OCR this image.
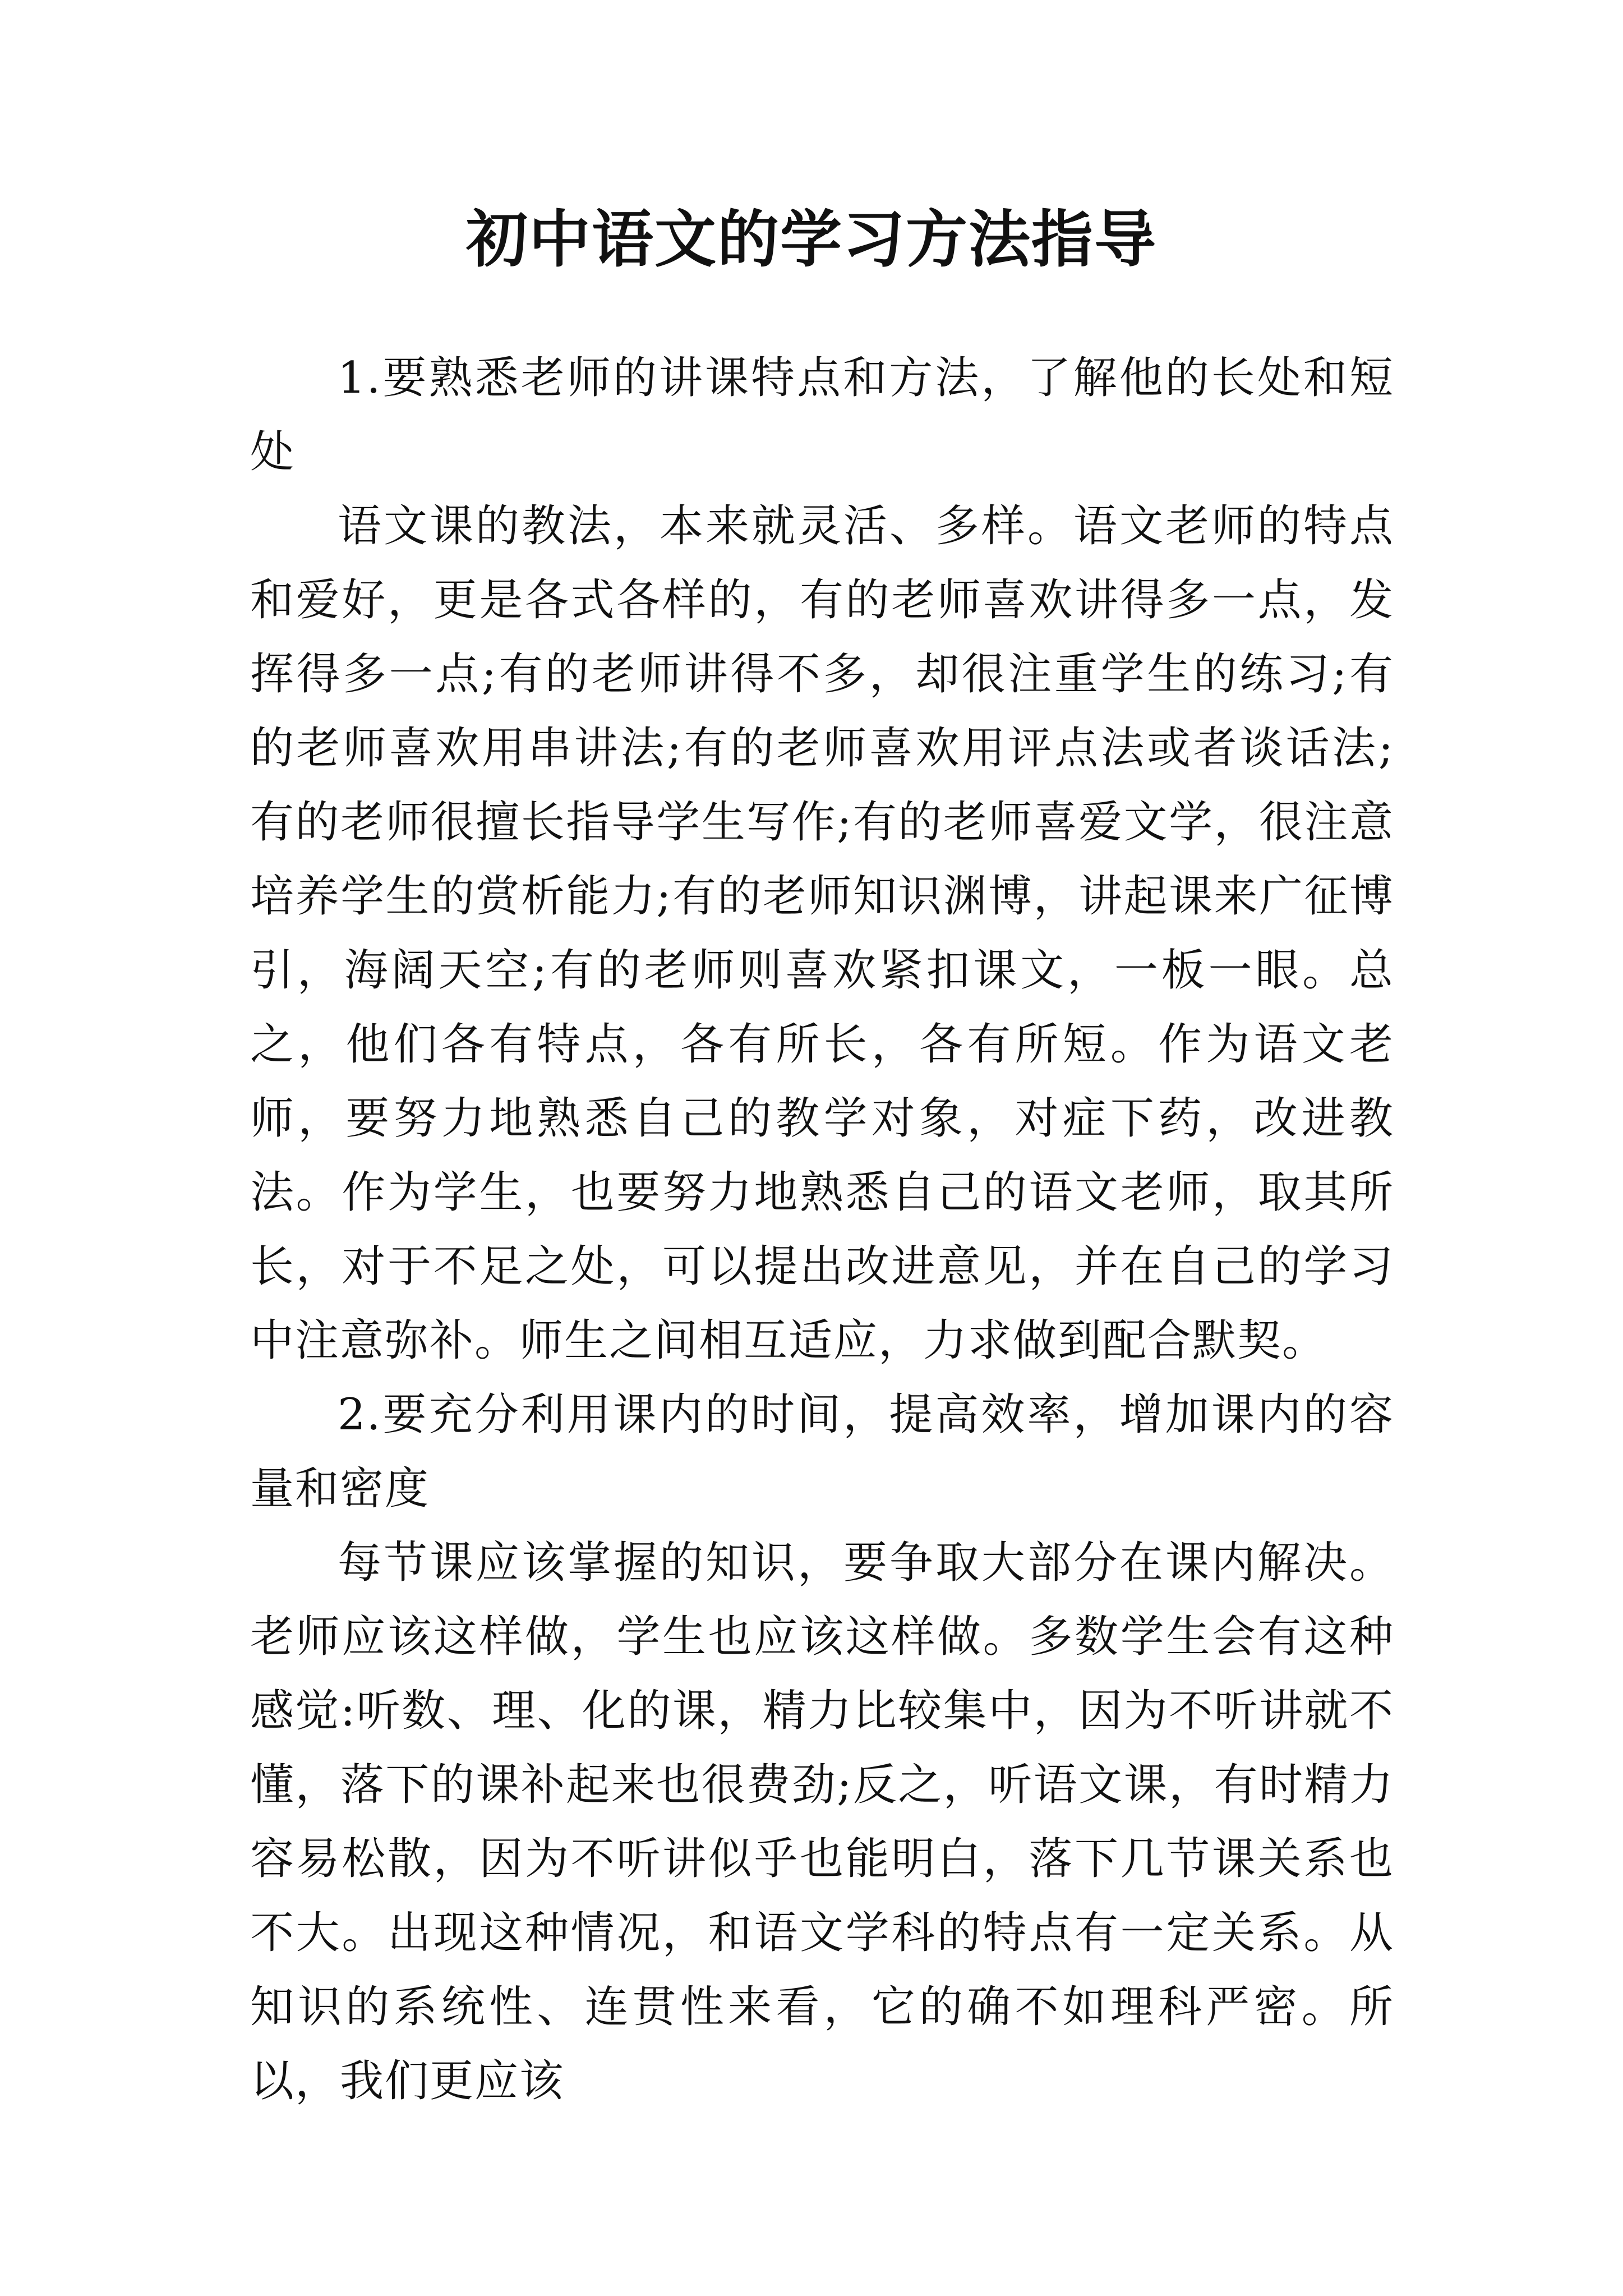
初中语文的学习方法指导

1.要熟悉老师的讲课特点和方法，了解他的长处和短处

语文课的教法，本来就灵活、多样。语文老师的特点和爱好，更是各式各样的，有的老师喜欢讲得多一点，发挥得多一点;有的老师讲得不多，却很注重学生的练习;有的老师喜欢用串讲法;有的老师喜欢用评点法或者谈话法;有的老师很擅长指导学生写作;有的老师喜爱文学，很注意培养学生的赏析能力;有的老师知识渊博，讲起课来广征博引，海阔天空;有的老师则喜欢紧扣课文，一板一眼。总之，他们各有特点，各有所长，各有所短。作为语文老师，要努力地熟悉自己的教学对象，对症下药，改进教法。作为学生，也要努力地熟悉自己的语文老师，取其所长，对于不足之处，可以提出改进意见，并在自己的学习中注意弥补。师生之间相互适应，力求做到配合默契。

2.要充分利用课内的时间，提高效率，增加课内的容量和密度

每节课应该掌握的知识，要争取大部分在课内解决。老师应该这样做，学生也应该这样做。多数学生会有这种感觉:听数、理、化的课，精力比较集中，因为不听讲就不懂，落下的课补起来也很费劲;反之，听语文课，有时精力容易松散，因为不听讲似乎也能明白，落下几节课关系也不大。出现这种情况，和语文学科的特点有一定关系。从知识的系统性、连贯性来看，它的确不如理科严密。所以，我们更应该
